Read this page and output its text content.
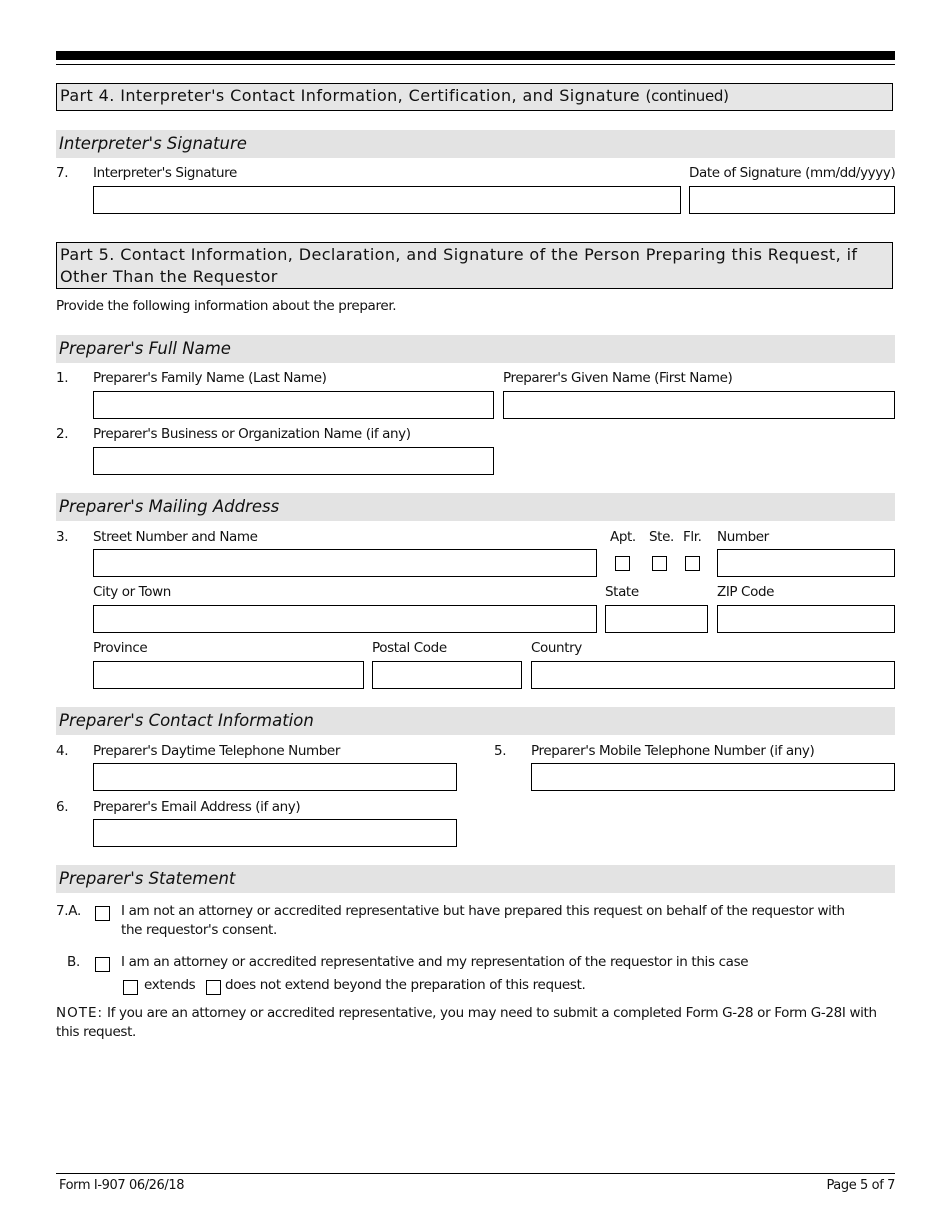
Part 4. Interpreter's Contact Information, Certification, and Signature (continued)
Interpreter's Signature
7. Interpreter's Signature	Date of Signature (mm/dd/yyyy)
Part 5. Contact Information, Declaration, and Signature of the Person Preparing this Request, if Other Than the Requestor
Provide the following information about the preparer.
Preparer's Full Name
1. Preparer's Family Name (Last Name)	Preparer's Given Name (First Name)
2. Preparer's Business or Organization Name (if any)
Preparer's Mailing Address
3. Street Number and Name	Apt. Ste. Flr. Number
City or Town	State	ZIP Code
Province	Postal Code	Country
Preparer's Contact Information
4. Preparer's Daytime Telephone Number	5. Preparer's Mobile Telephone Number (if any)
6. Preparer's Email Address (if any)
Preparer's Statement
7.A.	I am not an attorney or accredited representative but have prepared this request on behalf of the requestor with the requestor's consent.
B.	I am an attorney or accredited representative and my representation of the requestor in this case
extends does not extend beyond the preparation of this request.
NOTE: If you are an attorney or accredited representative, you may need to submit a completed Form G-28 or Form G-28I with this request.
Form I-907 06/26/18	Page 5 of 7
